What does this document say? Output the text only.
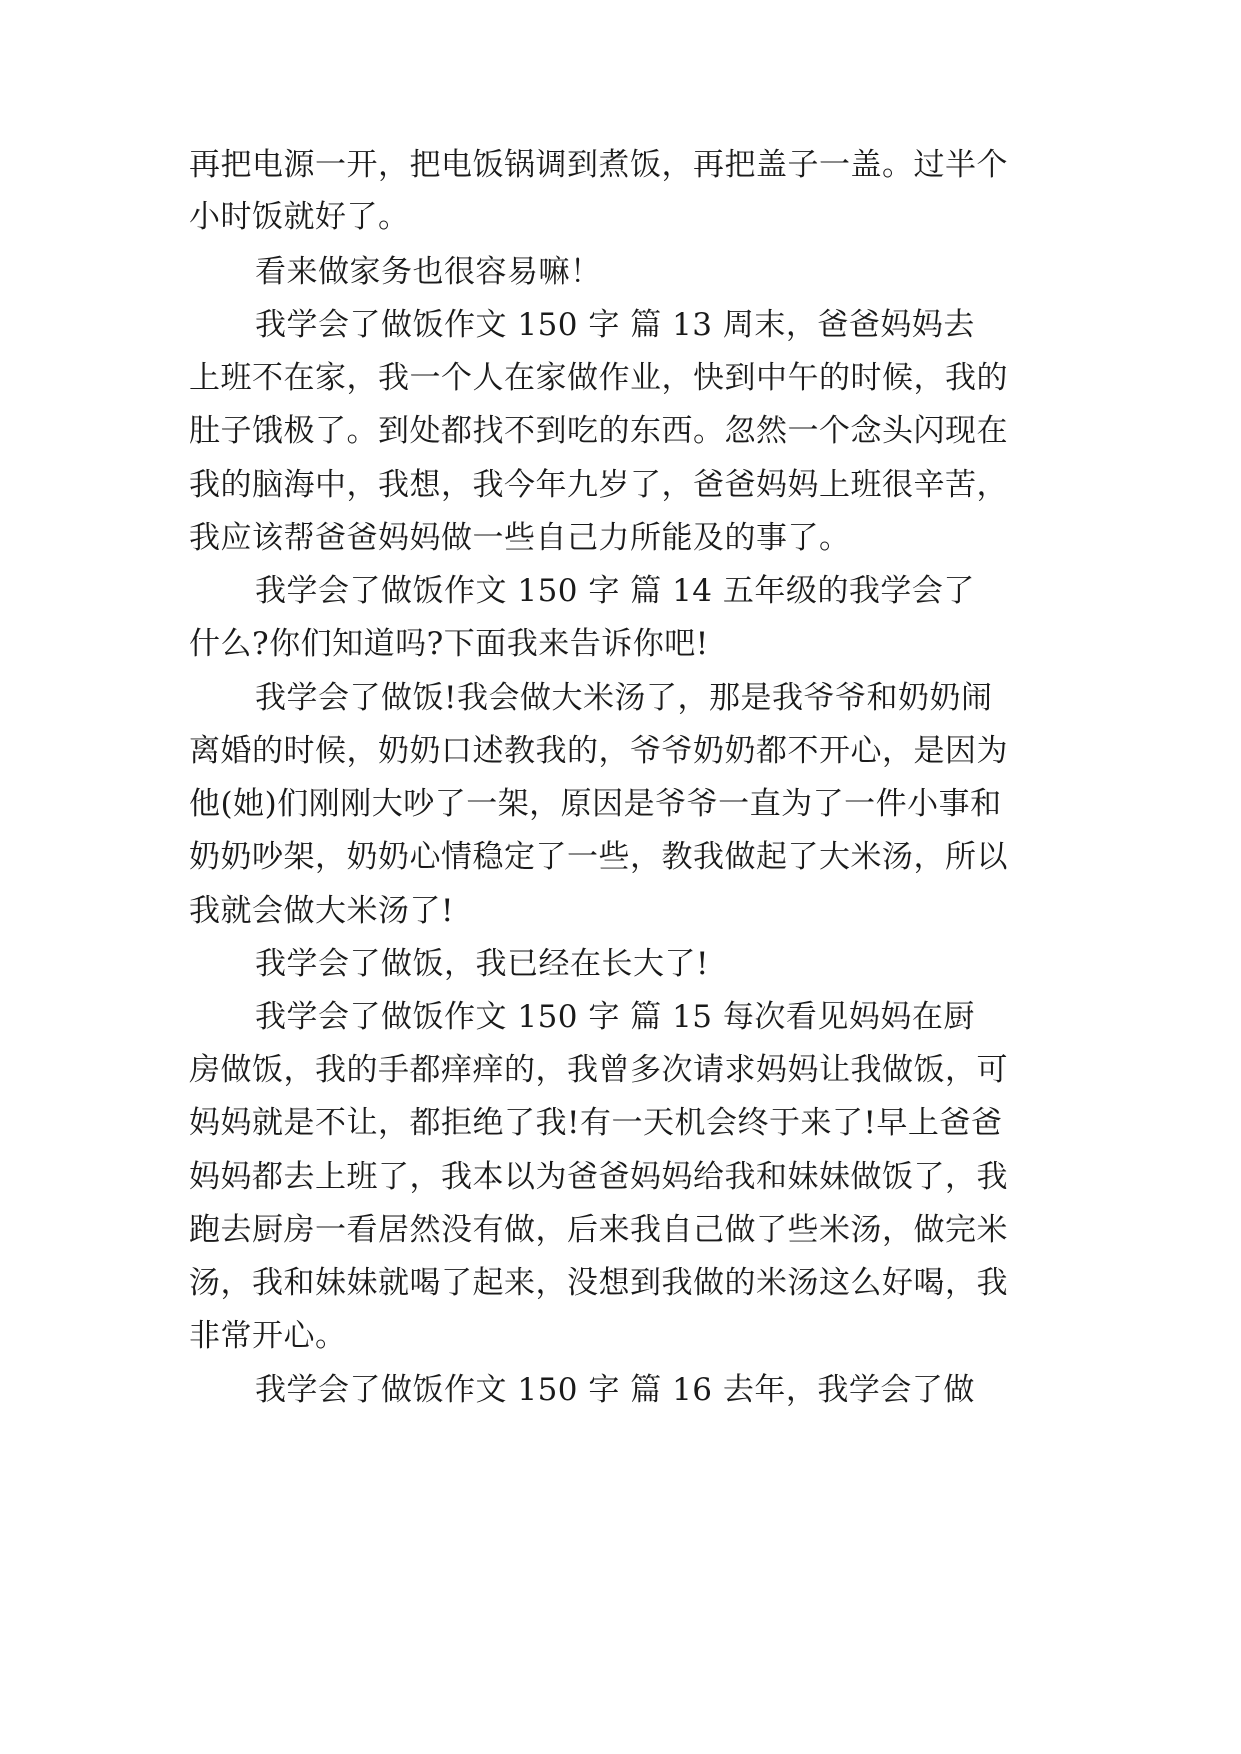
再把电源一开，把电饭锅调到煮饭，再把盖子一盖。过半个
小时饭就好了。
看来做家务也很容易嘛！
我学会了做饭作文 150 字 篇 13 周末，爸爸妈妈去
上班不在家，我一个人在家做作业，快到中午的时候，我的
肚子饿极了。到处都找不到吃的东西。忽然一个念头闪现在
我的脑海中，我想，我今年九岁了，爸爸妈妈上班很辛苦，
我应该帮爸爸妈妈做一些自己力所能及的事了。
我学会了做饭作文 150 字 篇 14 五年级的我学会了
什么?你们知道吗?下面我来告诉你吧!
我学会了做饭!我会做大米汤了，那是我爷爷和奶奶闹
离婚的时候，奶奶口述教我的，爷爷奶奶都不开心，是因为
他(她)们刚刚大吵了一架，原因是爷爷一直为了一件小事和
奶奶吵架，奶奶心情稳定了一些，教我做起了大米汤，所以
我就会做大米汤了!
我学会了做饭，我已经在长大了!
我学会了做饭作文 150 字 篇 15 每次看见妈妈在厨
房做饭，我的手都痒痒的，我曾多次请求妈妈让我做饭，可
妈妈就是不让，都拒绝了我!有一天机会终于来了!早上爸爸
妈妈都去上班了，我本以为爸爸妈妈给我和妹妹做饭了，我
跑去厨房一看居然没有做，后来我自己做了些米汤，做完米
汤，我和妹妹就喝了起来，没想到我做的米汤这么好喝，我
非常开心。
我学会了做饭作文 150 字 篇 16 去年，我学会了做
